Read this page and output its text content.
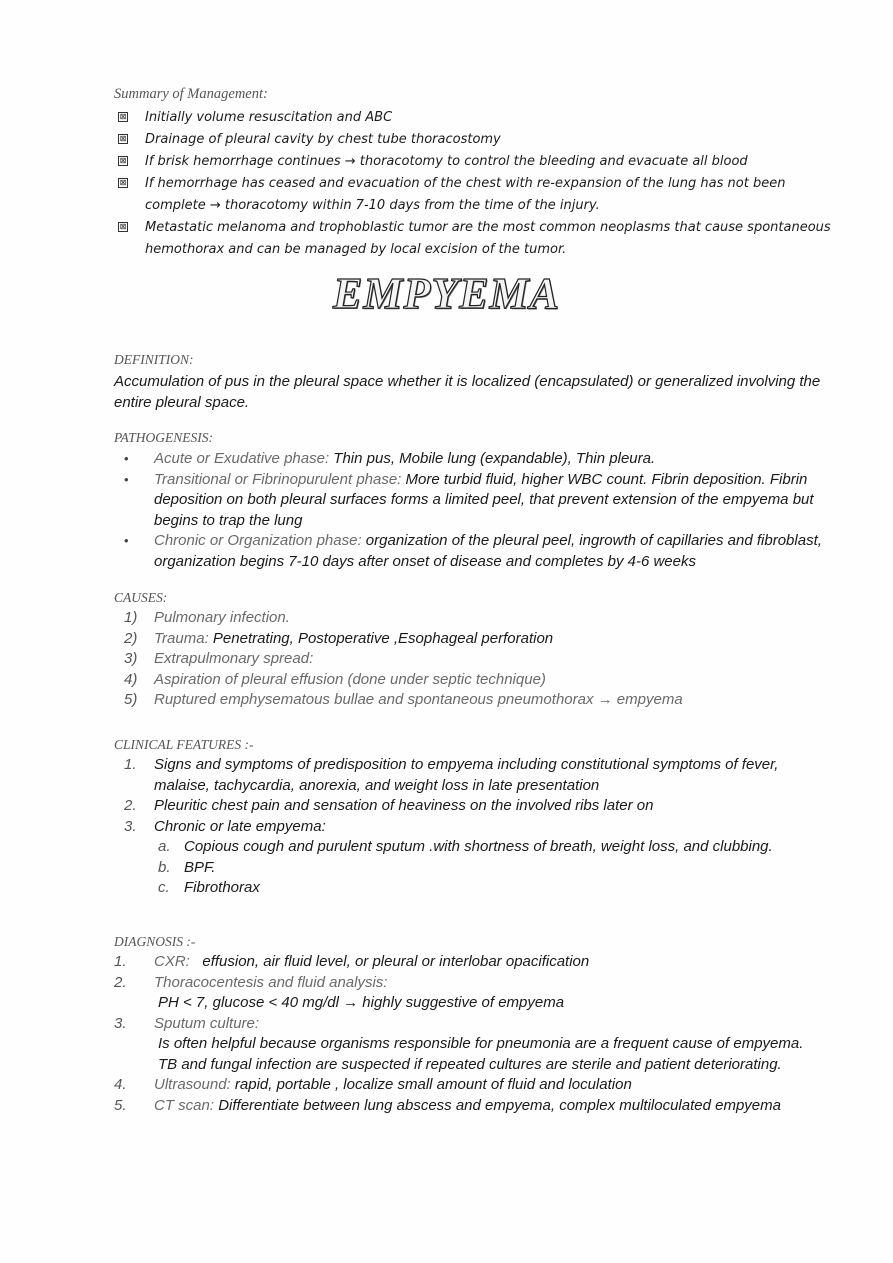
Summary of Management:
⊠ Initially volume resuscitation and ABC
⊠ Drainage of pleural cavity by chest tube thoracostomy
⊠ If brisk hemorrhage continues → thoracotomy to control the bleeding and evacuate all blood
⊠ If hemorrhage has ceased and evacuation of the chest with re-expansion of the lung has not been complete → thoracotomy within 7-10 days from the time of the injury.
⊠ Metastatic melanoma and trophoblastic tumor are the most common neoplasms that cause spontaneous hemothorax and can be managed by local excision of the tumor.
EMPYEMA
DEFINITION:
Accumulation of pus in the pleural space whether it is localized (encapsulated) or generalized involving the entire pleural space.
PATHOGENESIS:
• Acute or Exudative phase: Thin pus, Mobile lung (expandable), Thin pleura.
• Transitional or Fibrinopurulent phase: More turbid fluid, higher WBC count. Fibrin deposition. Fibrin deposition on both pleural surfaces forms a limited peel, that prevent extension of the empyema but begins to trap the lung
• Chronic or Organization phase: organization of the pleural peel, ingrowth of capillaries and fibroblast, organization begins 7-10 days after onset of disease and completes by 4-6 weeks
CAUSES:
1) Pulmonary infection.
2) Trauma: Penetrating, Postoperative ,Esophageal perforation
3) Extrapulmonary spread:
4) Aspiration of pleural effusion (done under septic technique)
5) Ruptured emphysematous bullae and spontaneous pneumothorax → empyema
CLINICAL FEATURES :-
1. Signs and symptoms of predisposition to empyema including constitutional symptoms of fever, malaise, tachycardia, anorexia, and weight loss in late presentation
2. Pleuritic chest pain and sensation of heaviness on the involved ribs later on
3. Chronic or late empyema:
a. Copious cough and purulent sputum .with shortness of breath, weight loss, and clubbing.
b. BPF.
c. Fibrothorax
DIAGNOSIS :-
1. CXR: effusion, air fluid level, or pleural or interlobar opacification
2. Thoracocentesis and fluid analysis:
PH < 7, glucose < 40 mg/dl → highly suggestive of empyema
3. Sputum culture:
Is often helpful because organisms responsible for pneumonia are a frequent cause of empyema. TB and fungal infection are suspected if repeated cultures are sterile and patient deteriorating.
4. Ultrasound: rapid, portable , localize small amount of fluid and loculation
5. CT scan: Differentiate between lung abscess and empyema, complex multiloculated empyema
